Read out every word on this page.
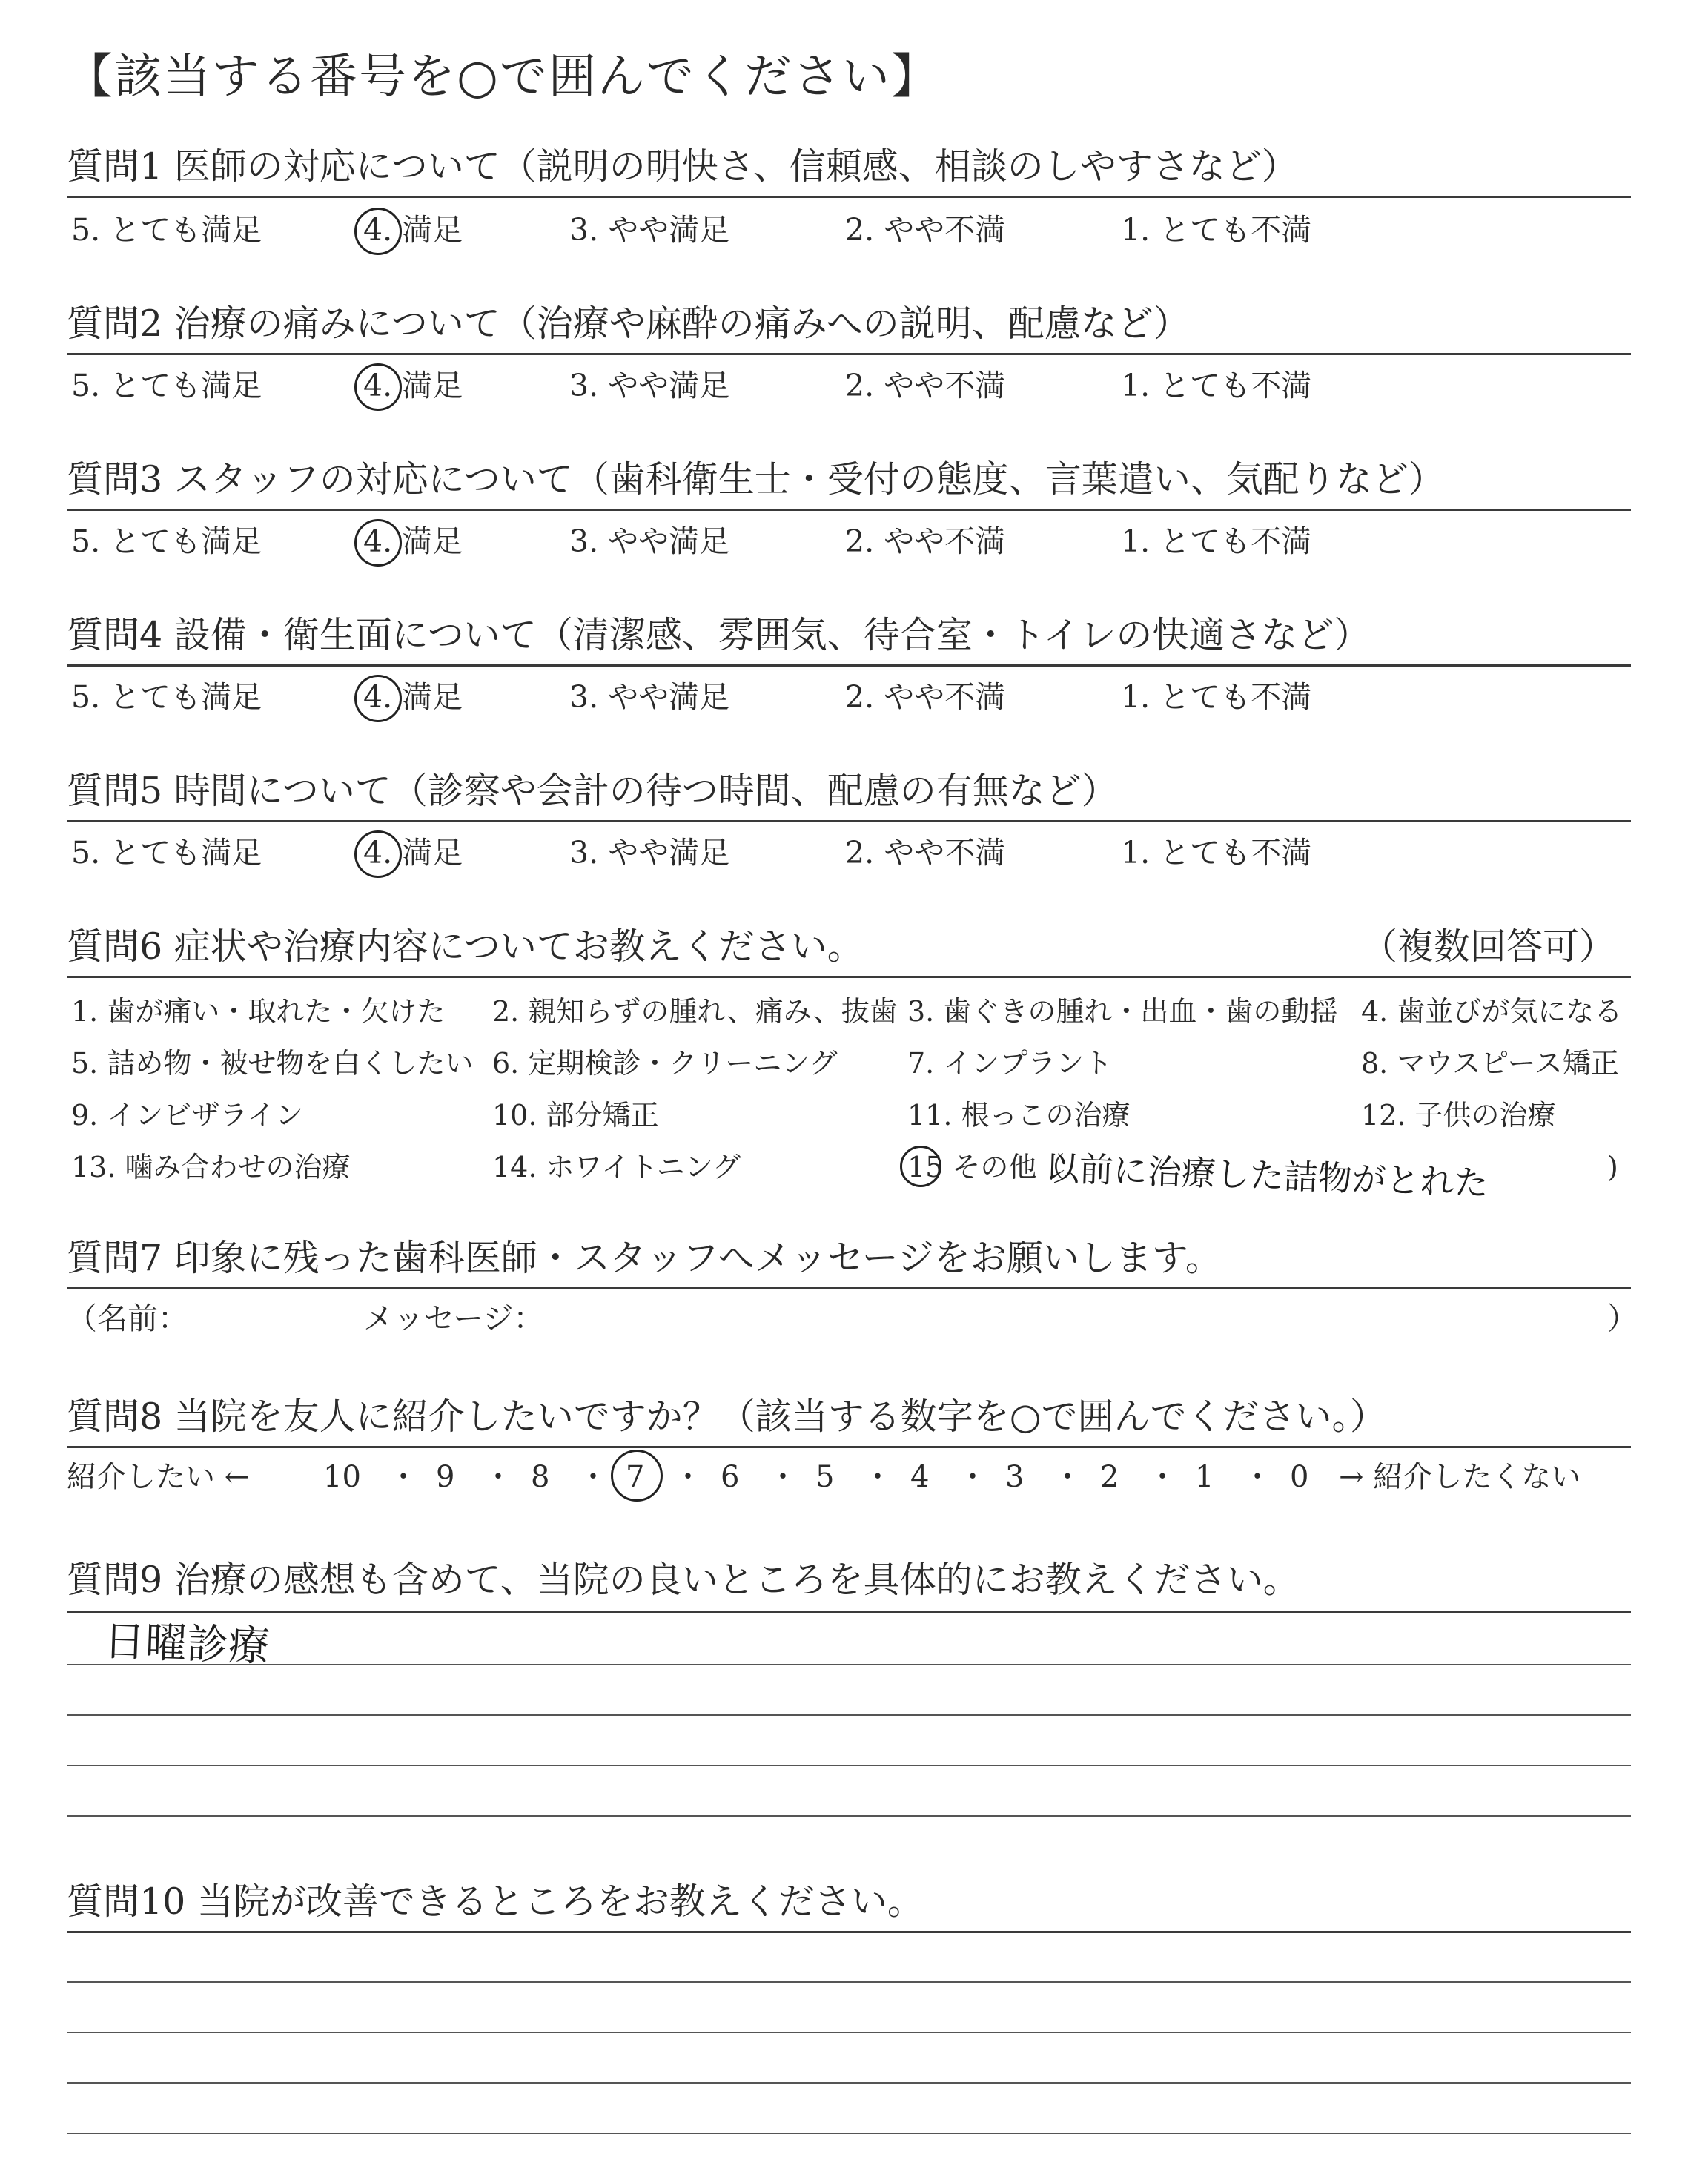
【該当する番号を○で囲んでください】
質問1 医師の対応について（説明の明快さ、信頼感、相談のしやすさなど）
5. とても満足	4. 満足	3. やや満足	2. やや不満	1. とても不満
質問2 治療の痛みについて（治療や麻酔の痛みへの説明、配慮など）
5. とても満足	4. 満足	3. やや満足	2. やや不満	1. とても不満
質問3 スタッフの対応について（歯科衛生士・受付の態度、言葉遣い、気配りなど）
5. とても満足	4. 満足	3. やや満足	2. やや不満	1. とても不満
質問4 設備・衛生面について（清潔感、雰囲気、待合室・トイレの快適さなど）
5. とても満足	4. 満足	3. やや満足	2. やや不満	1. とても不満
質問5 時間について（診察や会計の待つ時間、配慮の有無など）
5. とても満足	4. 満足	3. やや満足	2. やや不満	1. とても不満
質問6 症状や治療内容についてお教えください。	（複数回答可）
1. 歯が痛い・取れた・欠けた 2. 親知らずの腫れ、痛み、抜歯 3. 歯ぐきの腫れ・出血・歯の動揺 4. 歯並びが気になる
5. 詰め物・被せ物を白くしたい 6. 定期検診・クリーニング 7. インプラント	8. マウスピース矯正
9. インビザライン	10. 部分矯正	11. 根っこの治療	12. 子供の治療
13. 噛み合わせの治療	14. ホワイトニング	15 その他（
以前に治療した詰物がとれた	)
質問7 印象に残った歯科医師・スタッフへメッセージをお願いします。
（名前：	メッセージ：	）
質問8 当院を友人に紹介したいですか？（該当する数字を○で囲んでください。）
紹介したい ← 10 ・ 9 ・ 8 ・ 7 ・ 6 ・ 5 ・ 4 ・ 3 ・ 2 ・ 1 ・ 0 → 紹介したくない
質問9 治療の感想も含めて、当院の良いところを具体的にお教えください。
日曜診療
質問10 当院が改善できるところをお教えください。
